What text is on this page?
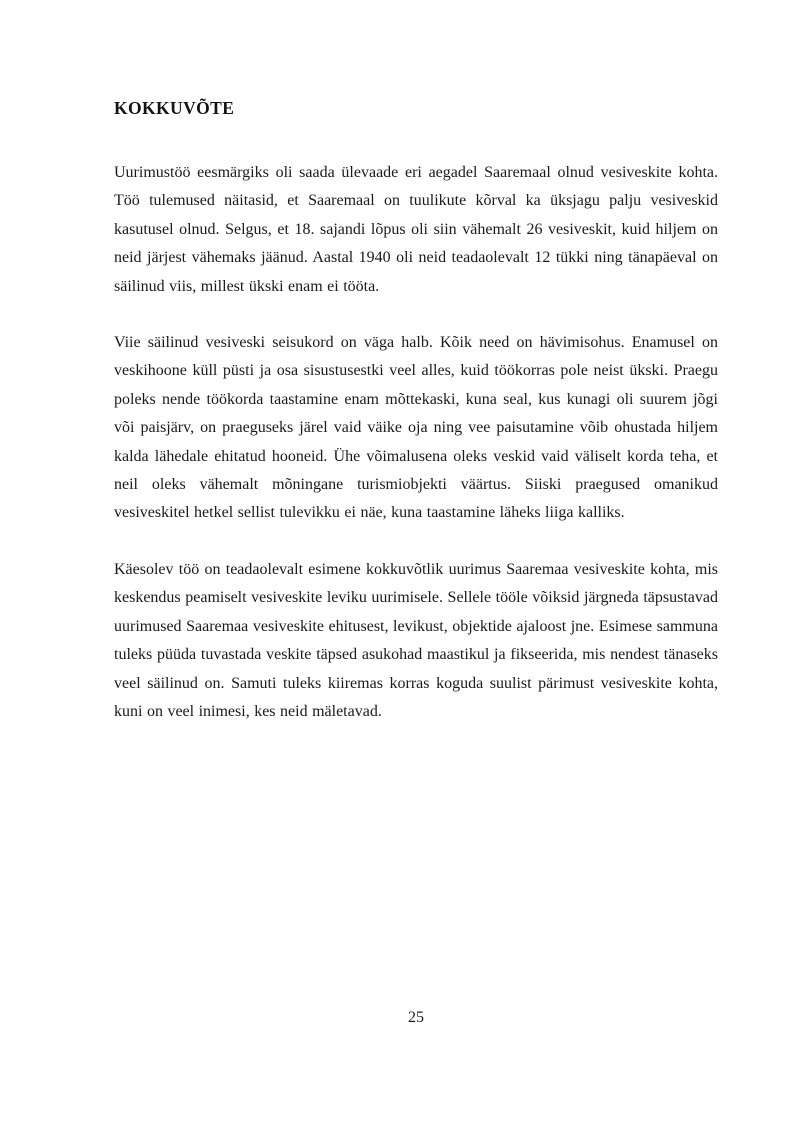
KOKKUVÕTE

Uurimustöö eesmärgiks oli saada ülevaade eri aegadel Saaremaal olnud vesiveskite kohta. Töö tulemused näitasid, et Saaremaal on tuulikute kõrval ka üksjagu palju vesiveskid kasutusel olnud. Selgus, et 18. sajandi lõpus oli siin vähemalt 26 vesiveskit, kuid hiljem on neid järjest vähemaks jäänud. Aastal 1940 oli neid teadaolevalt 12 tükki ning tänapäeval on säilinud viis, millest ükski enam ei tööta.

Viie säilinud vesiveski seisukord on väga halb. Kõik need on hävimisohus. Enamusel on veskihoone küll püsti ja osa sisustusestki veel alles, kuid töökorras pole neist ükski. Praegu poleks nende töökorda taastamine enam mõttekaski, kuna seal, kus kunagi oli suurem jõgi või paisjärv, on praeguseks järel vaid väike oja ning vee paisutamine võib ohustada hiljem kalda lähedale ehitatud hooneid. Ühe võimalusena oleks veskid vaid väliselt korda teha, et neil oleks vähemalt mõningane turismiobjekti väärtus. Siiski praegused omanikud vesiveskitel hetkel sellist tulevikku ei näe, kuna taastamine läheks liiga kalliks.

Käesolev töö on teadaolevalt esimene kokkuvõtlik uurimus Saaremaa vesiveskite kohta, mis keskendus peamiselt vesiveskite leviku uurimisele. Sellele tööle võiksid järgneda täpsustavad uurimused Saaremaa vesiveskite ehitusest, levikust, objektide ajaloost jne. Esimese sammuna tuleks püüda tuvastada veskite täpsed asukohad maastikul ja fikseerida, mis nendest tänaseks veel säilinud on. Samuti tuleks kiiremas korras koguda suulist pärimust vesiveskite kohta, kuni on veel inimesi, kes neid mäletavad.

25
